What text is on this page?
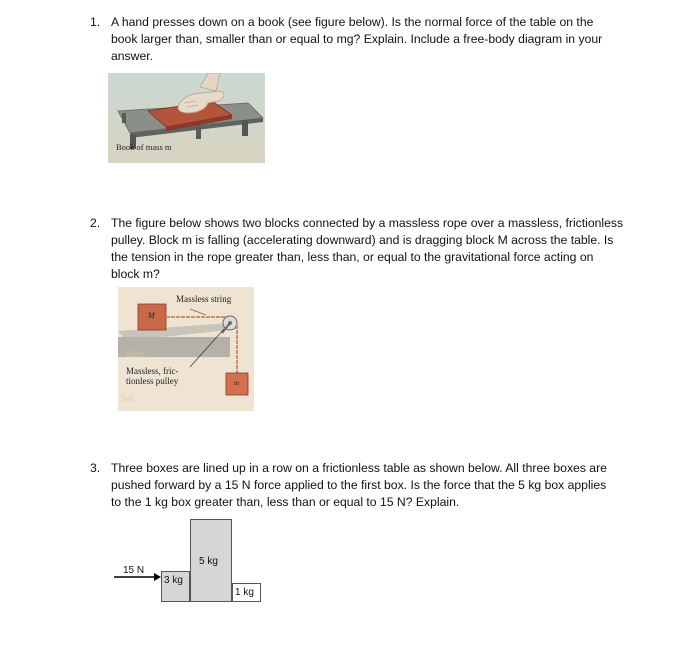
1. A hand presses down on a book (see figure below). Is the normal force of the table on the
book larger than, smaller than or equal to mg? Explain. Include a free-body diagram in your
answer.
Book of mass m
2. The figure below shows two blocks connected by a massless rope over a massless, frictionless
pulley. Block m is falling (accelerating downward) and is dragging block M across the table. Is
the tension in the rope greater than, less than, or equal to the gravitational force acting on
block m?
ollov
bon
Massless string
M
Massless, fric-
tionless pulley	m
3. Three boxes are lined up in a row on a frictionless table as shown below. All three boxes are
pushed forward by a 15 N force applied to the first box. Is the force that the 5 kg box applies
to the 1 kg box greater than, less than or equal to 15 N? Explain.
15 N
3 kg
5 kg
1 kg
